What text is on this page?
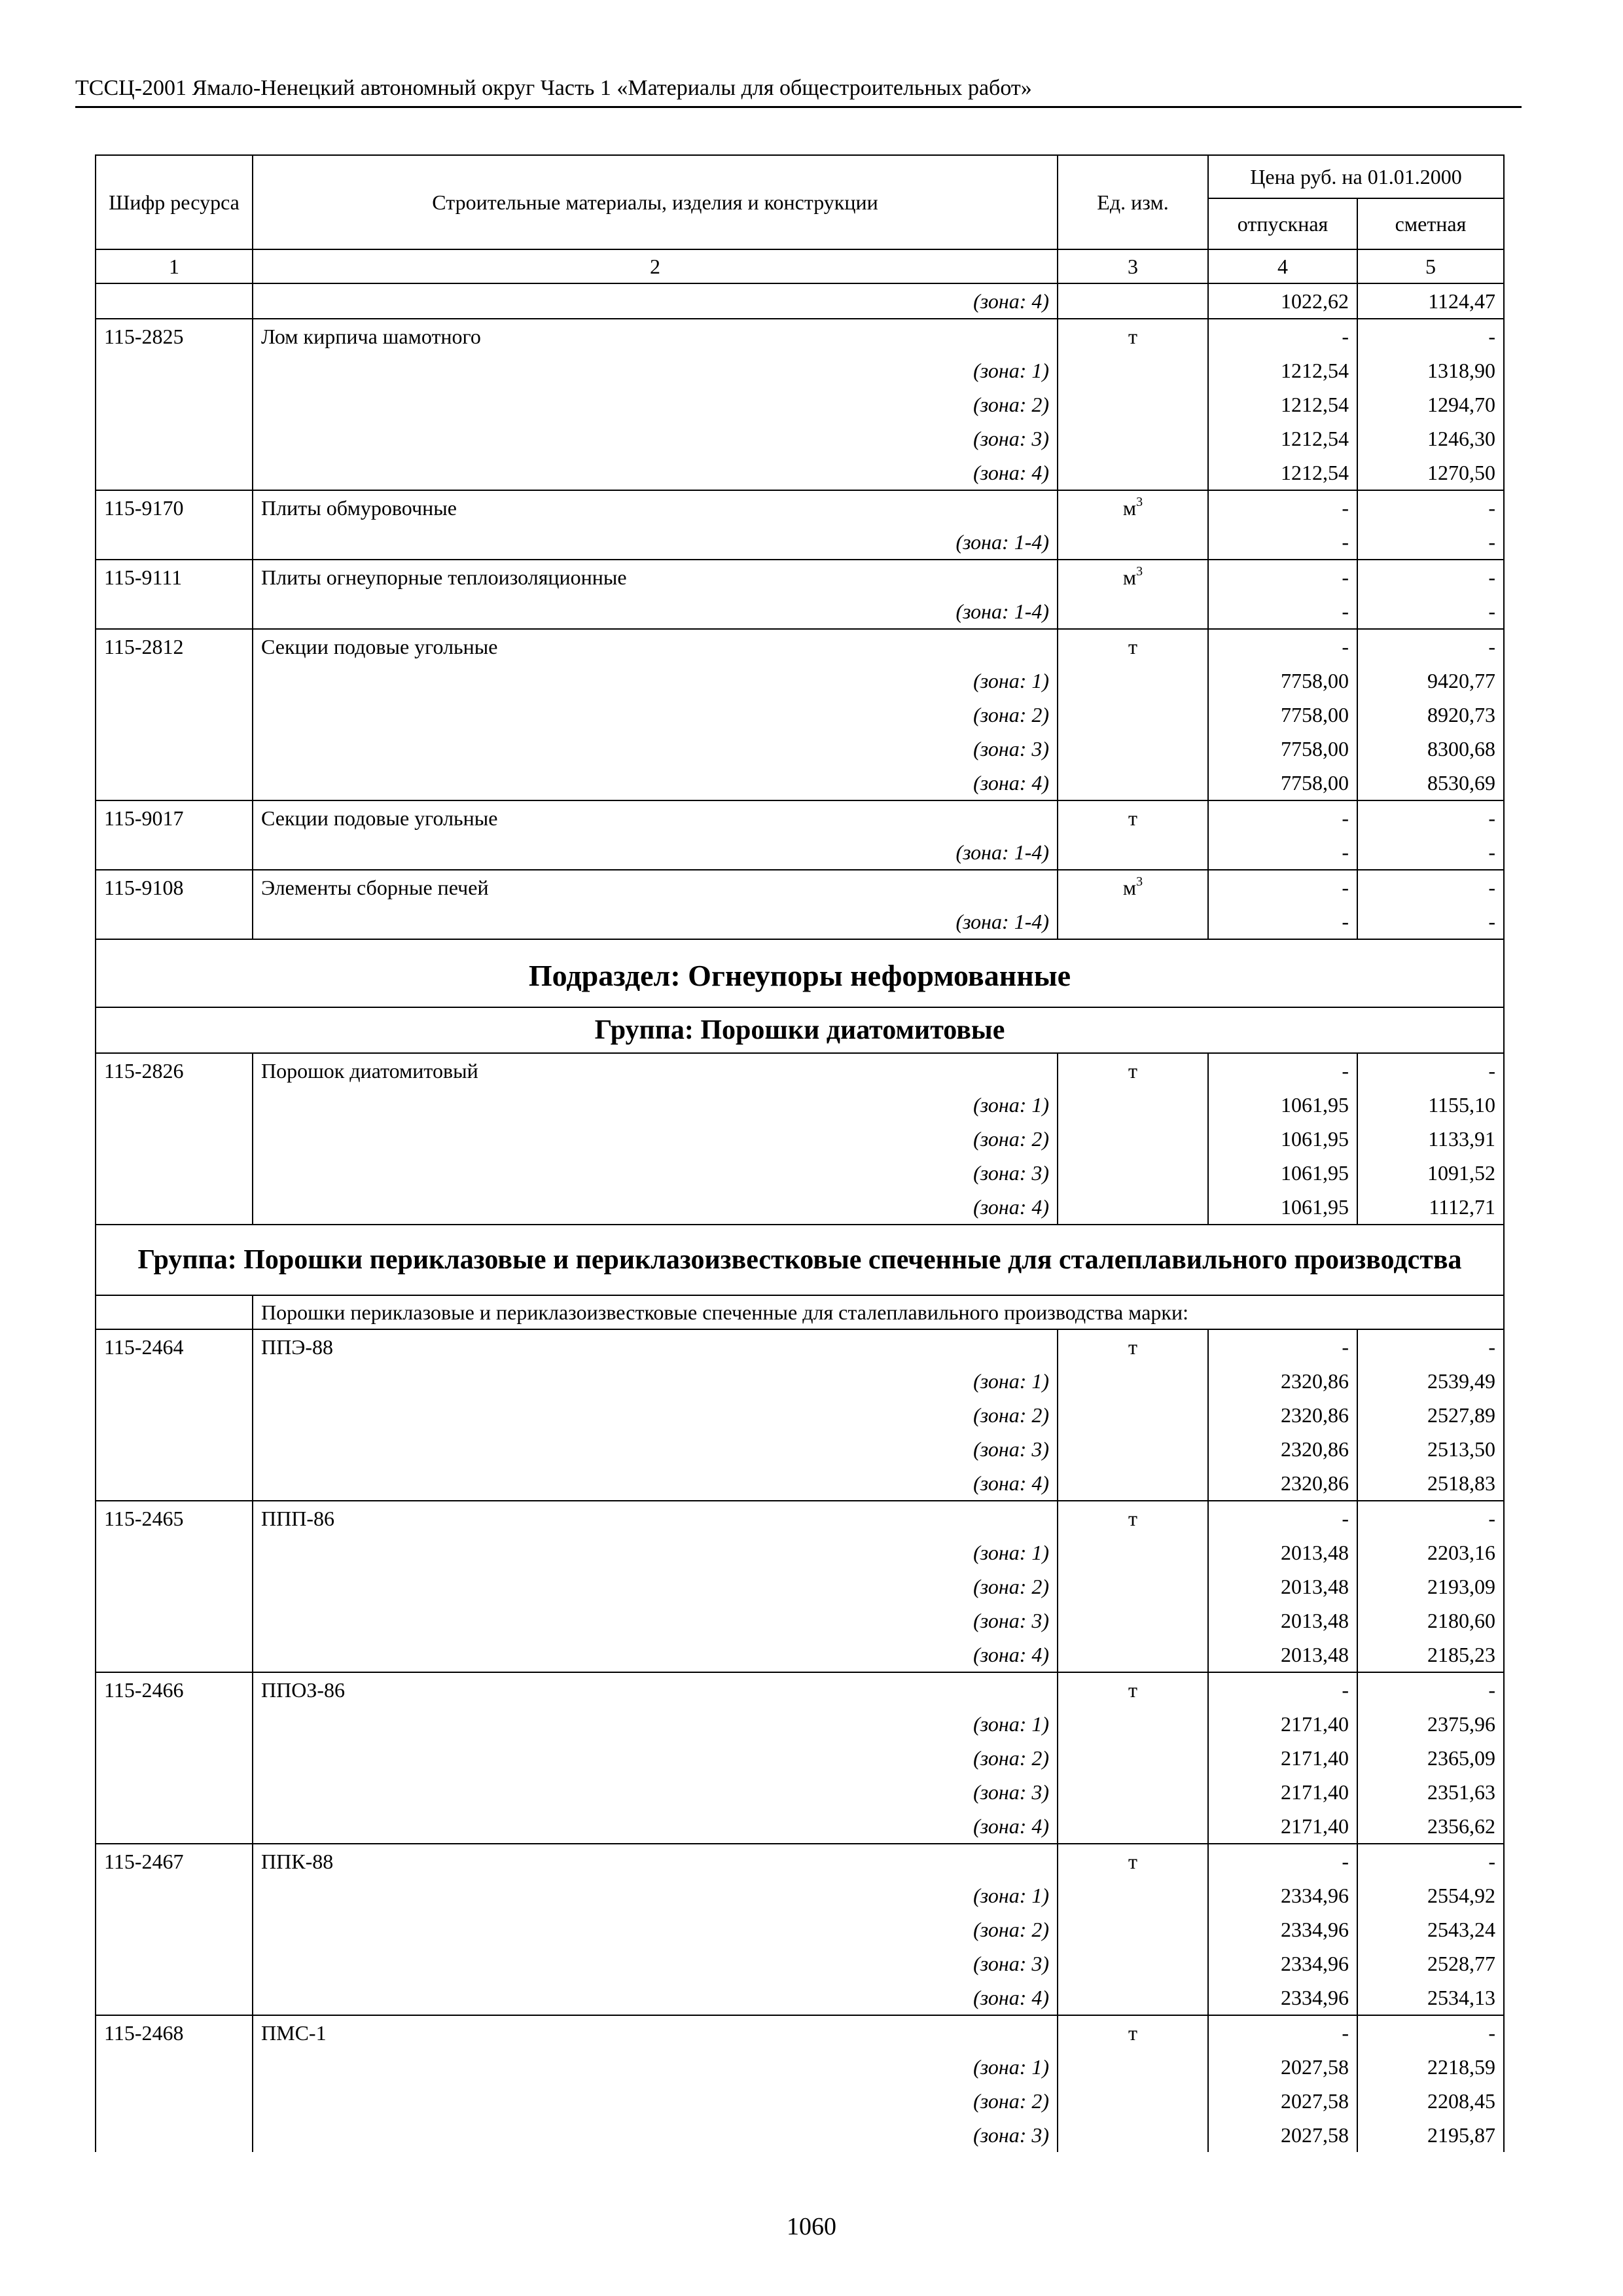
ТССЦ-2001 Ямало-Ненецкий автономный округ Часть 1 «Материалы для общестроительных работ»
Шифр ресурса	Строительные материалы, изделия и конструкции	Ед. изм.	Цена руб. на 01.01.2000	
			отпускная	сметная
1	2	3	4	5
	(зона: 4)		1022,62	1124,47
115-2825	Лом кирпича шамотного	т	-	-
	(зона: 1)		1212,54	1318,90
	(зона: 2)		1212,54	1294,70
	(зона: 3)		1212,54	1246,30
	(зона: 4)		1212,54	1270,50
115-9170	Плиты обмуровочные	$м^3$	-	-
	(зона: 1-4)		-	-
115-9111	Плиты огнеупорные теплоизоляционные	$м^3$	-	-
	(зона: 1-4)		-	-
115-2812	Секции подовые угольные	т	-	-
	(зона: 1)		7758,00	9420,77
	(зона: 2)		7758,00	8920,73
	(зона: 3)		7758,00	8300,68
	(зона: 4)		7758,00	8530,69
115-9017	Секции подовые угольные	т	-	-
	(зона: 1-4)		-	-
115-9108	Элементы сборные печей	$м^3$	-	-
	(зона: 1-4)		-	-
Подраздел: Огнеупоры неформованные				
Группа: Порошки диатомитовые				
115-2826	Порошок диатомитовый	т	-	-
	(зона: 1)		1061,95	1155,10
	(зона: 2)		1061,95	1133,91
	(зона: 3)		1061,95	1091,52
	(зона: 4)		1061,95	1112,71
Группа: Порошки периклазовые и периклазоизвестковые спеченные для сталеплавильного производства				
	Порошки периклазовые и периклазоизвестковые спеченные для сталеплавильного производства марки:			
115-2464	ППЭ-88	т	-	-
	(зона: 1)		2320,86	2539,49
	(зона: 2)		2320,86	2527,89
	(зона: 3)		2320,86	2513,50
	(зона: 4)		2320,86	2518,83
115-2465	ППП-86	т	-	-
	(зона: 1)		2013,48	2203,16
	(зона: 2)		2013,48	2193,09
	(зона: 3)		2013,48	2180,60
	(зона: 4)		2013,48	2185,23
115-2466	ППОЗ-86	т	-	-
	(зона: 1)		2171,40	2375,96
	(зона: 2)		2171,40	2365,09
	(зона: 3)		2171,40	2351,63
	(зона: 4)		2171,40	2356,62
115-2467	ППК-88	т	-	-
	(зона: 1)		2334,96	2554,92
	(зона: 2)		2334,96	2543,24
	(зона: 3)		2334,96	2528,77
	(зона: 4)		2334,96	2534,13
115-2468	ПМС-1	т	-	-
	(зона: 1)		2027,58	2218,59
	(зона: 2)		2027,58	2208,45
	(зона: 3)		2027,58	2195,87
1060
